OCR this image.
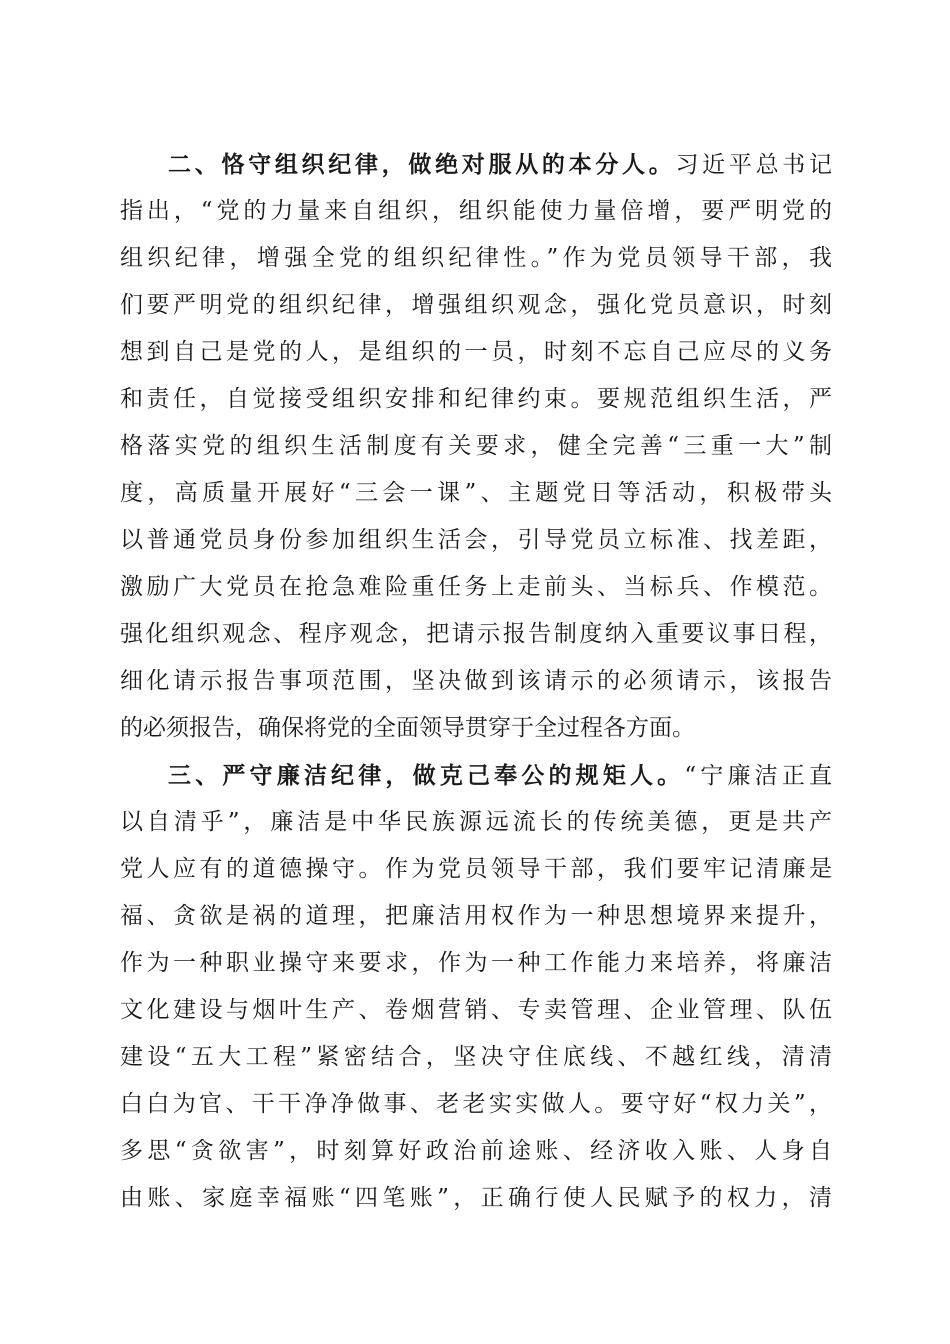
二、恪守组织纪律，做绝对服从的本分人。习近平总书记
指出，“党的力量来自组织，组织能使力量倍增，要严明党的
组织纪律，增强全党的组织纪律性。”作为党员领导干部，我
们要严明党的组织纪律，增强组织观念，强化党员意识，时刻
想到自己是党的人，是组织的一员，时刻不忘自己应尽的义务
和责任，自觉接受组织安排和纪律约束。要规范组织生活，严
格落实党的组织生活制度有关要求，健全完善“三重一大”制
度，高质量开展好“三会一课”、主题党日等活动，积极带头
以普通党员身份参加组织生活会，引导党员立标准、找差距，
激励广大党员在抢急难险重任务上走前头、当标兵、作模范。
强化组织观念、程序观念，把请示报告制度纳入重要议事日程，
细化请示报告事项范围，坚决做到该请示的必须请示，该报告
的必须报告，确保将党的全面领导贯穿于全过程各方面。
三、严守廉洁纪律，做克己奉公的规矩人。“宁廉洁正直
以自清乎”，廉洁是中华民族源远流长的传统美德，更是共产
党人应有的道德操守。作为党员领导干部，我们要牢记清廉是
福、贪欲是祸的道理，把廉洁用权作为一种思想境界来提升，
作为一种职业操守来要求，作为一种工作能力来培养，将廉洁
文化建设与烟叶生产、卷烟营销、专卖管理、企业管理、队伍
建设“五大工程”紧密结合，坚决守住底线、不越红线，清清
白白为官、干干净净做事、老老实实做人。要守好“权力关”，
多思“贪欲害”，时刻算好政治前途账、经济收入账、人身自
由账、家庭幸福账“四笔账”，正确行使人民赋予的权力，清
